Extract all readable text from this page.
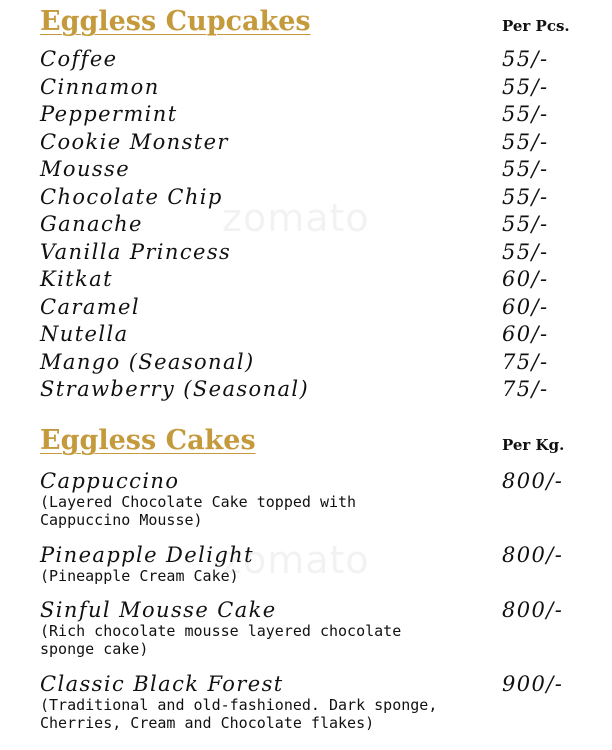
zomato
zomato
Eggless Cupcakes	Per Pcs.
Coffee	55/-
Cinnamon	55/-
Peppermint	55/-
Cookie Monster	55/-
Mousse	55/-
Chocolate Chip	55/-
Ganache	55/-
Vanilla Princess	55/-
Kitkat	60/-
Caramel	60/-
Nutella	60/-
Mango (Seasonal)	75/-
Strawberry (Seasonal)	75/-
Eggless Cakes	Per Kg.
Cappuccino	800/-
(Layered Chocolate Cake topped with
Cappuccino Mousse)
Pineapple Delight	800/-
(Pineapple Cream Cake)
Sinful Mousse Cake	800/-
(Rich chocolate mousse layered chocolate
sponge cake)
Classic Black Forest	900/-
(Traditional and old-fashioned. Dark sponge,
Cherries, Cream and Chocolate flakes)
